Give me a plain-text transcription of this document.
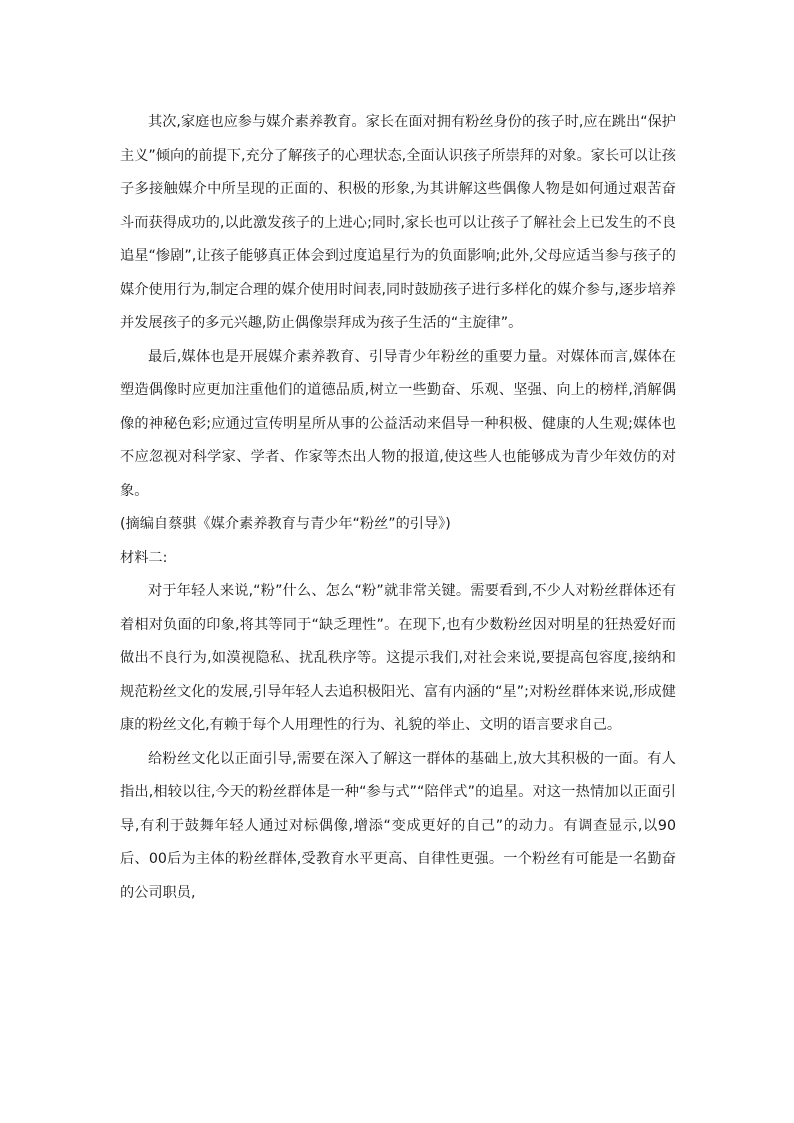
其次,家庭也应参与媒介素养教育。家长在面对拥有粉丝身份的孩子时,应在跳出“保护主义”倾向的前提下,充分了解孩子的心理状态,全面认识孩子所崇拜的对象。家长可以让孩子多接触媒介中所呈现的正面的、积极的形象,为其讲解这些偶像人物是如何通过艰苦奋斗而获得成功的,以此激发孩子的上进心;同时,家长也可以让孩子了解社会上已发生的不良追星“惨剧”,让孩子能够真正体会到过度追星行为的负面影响;此外,父母应适当参与孩子的媒介使用行为,制定合理的媒介使用时间表,同时鼓励孩子进行多样化的媒介参与,逐步培养并发展孩子的多元兴趣,防止偶像崇拜成为孩子生活的“主旋律”。

最后,媒体也是开展媒介素养教育、引导青少年粉丝的重要力量。对媒体而言,媒体在塑造偶像时应更加注重他们的道德品质,树立一些勤奋、乐观、坚强、向上的榜样,消解偶像的神秘色彩;应通过宣传明星所从事的公益活动来倡导一种积极、健康的人生观;媒体也不应忽视对科学家、学者、作家等杰出人物的报道,使这些人也能够成为青少年效仿的对象。

(摘编自蔡骐《媒介素养教育与青少年“粉丝”的引导》)

材料二:

对于年轻人来说,“粉”什么、怎么“粉”就非常关键。需要看到,不少人对粉丝群体还有着相对负面的印象,将其等同于“缺乏理性”。在现下,也有少数粉丝因对明星的狂热爱好而做出不良行为,如漠视隐私、扰乱秩序等。这提示我们,对社会来说,要提高包容度,接纳和规范粉丝文化的发展,引导年轻人去追积极阳光、富有内涵的“星”;对粉丝群体来说,形成健康的粉丝文化,有赖于每个人用理性的行为、礼貌的举止、文明的语言要求自己。

给粉丝文化以正面引导,需要在深入了解这一群体的基础上,放大其积极的一面。有人指出,相较以往,今天的粉丝群体是一种“参与式”“陪伴式”的追星。对这一热情加以正面引导,有利于鼓舞年轻人通过对标偶像,增添“变成更好的自己”的动力。有调查显示,以90后、00后为主体的粉丝群体,受教育水平更高、自律性更强。一个粉丝有可能是一名勤奋的公司职员,
